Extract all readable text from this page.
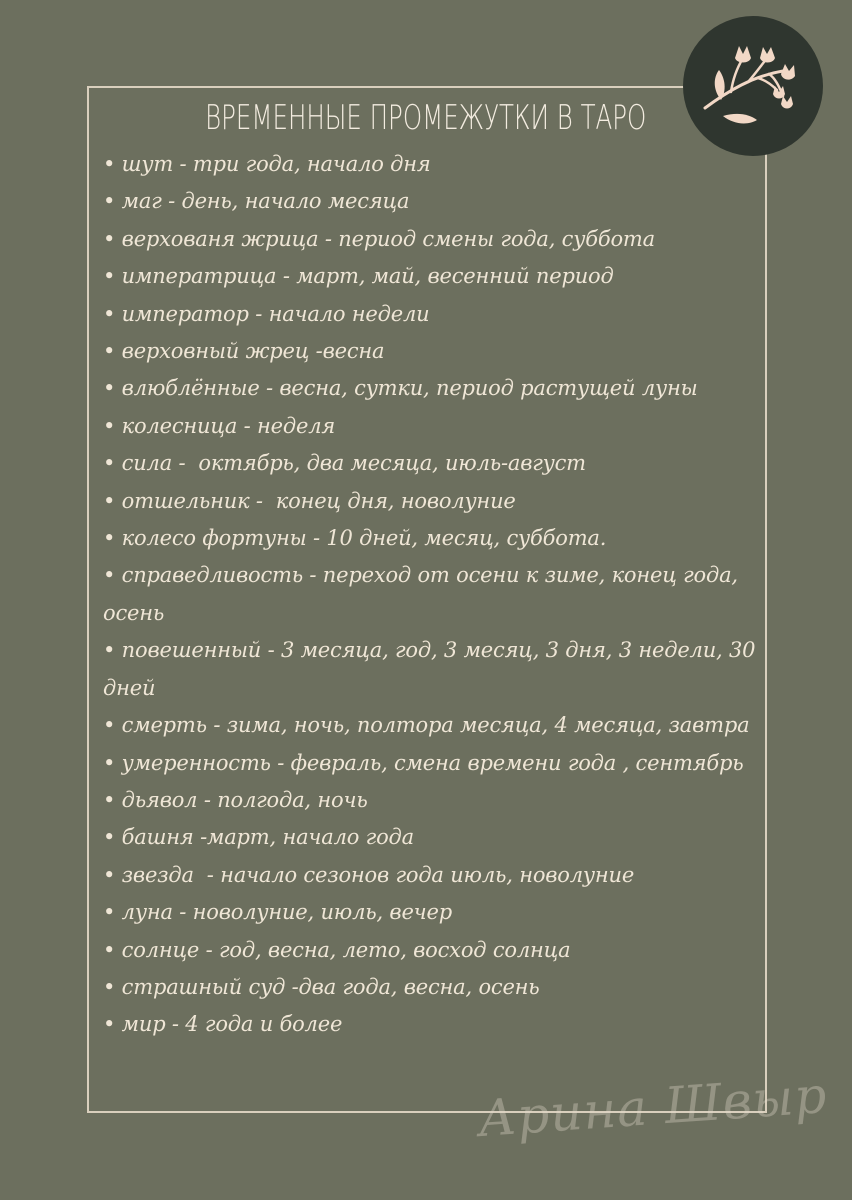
ВРЕМЕННЫЕ ПРОМЕЖУТКИ В ТАРО

• шут - три года, начало дня

• маг - день, начало месяца

• верхованя жрица - период смены года, суббота

• императрица - март, май, весенний период

• император - начало недели

• верховный жрец -весна

• влюблённые - весна, сутки, период растущей луны

• колесница - неделя

• сила -  октябрь, два месяца, июль-август

• отшельник -  конец дня, новолуние

• колесо фортуны - 10 дней, месяц, суббота.

• справедливость - переход от осени к зиме, конец года, осень

• повешенный - 3 месяца, год, 3 месяц, 3 дня, 3 недели, 30 дней

• смерть - зима, ночь, полтора месяца, 4 месяца, завтра

• умеренность - февраль, смена времени года , сентябрь

• дьявол - полгода, ночь

• башня -март, начало года

• звезда  - начало сезонов года июль, новолуние

• луна - новолуние, июль, вечер

• солнце - год, весна, лето, восход солнца

• страшный суд -два года, весна, осень

• мир - 4 года и более

Арина Швыр
